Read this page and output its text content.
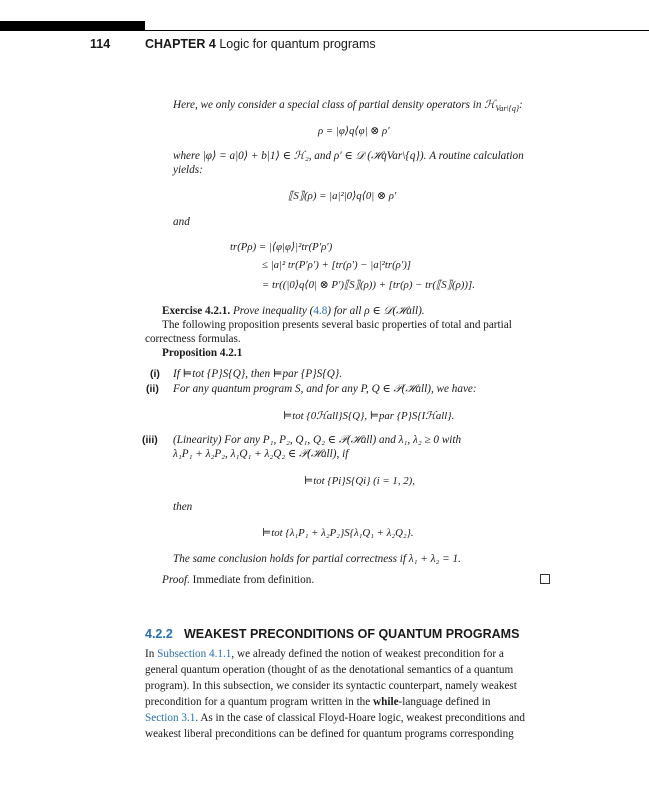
114	CHAPTER 4 Logic for quantum programs
Here, we only consider a special class of partial density operators in ℋ$_{Var\backslash\{q\}}$:
ρ = |φ⟩q⟨φ| ⊗ ρ′
where |φ⟩ = a|0⟩ + b|1⟩ ∈ ℋ₂, and ρ′ ∈ 𝒟 (ℋqVar\{q}). A routine calculation
yields:
⟦S⟧(ρ) = |a|²|0⟩q⟨0| ⊗ ρ′
and
tr(Pρ) = |⟨φ|φ⟩|²tr(P′ρ′)
≤ |a|² tr(P′ρ′) + [tr(ρ′) − |a|²tr(ρ′)]
= tr((|0⟩q⟨0| ⊗ P′)⟦S⟧(ρ)) + [tr(ρ) − tr(⟦S⟧(ρ))].
Exercise 4.2.1. Prove inequality (4.8) for all ρ ∈ 𝒟(ℋall).
The following proposition presents several basic properties of total and partial
correctness formulas.
Proposition 4.2.1
(i) If ⊨tot {P}S{Q}, then ⊨par {P}S{Q}.
(ii) For any quantum program S, and for any P, Q ∈ 𝒫(ℋall), we have:
⊨tot {0ℋall}S{Q}, ⊨par {P}S{Iℋall}.
(iii) (Linearity) For any P₁, P₂, Q₁, Q₂ ∈ 𝒫(ℋall) and λ₁, λ₂ ≥ 0 with
λ₁P₁ + λ₂P₂, λ₁Q₁ + λ₂Q₂ ∈ 𝒫(ℋall), if
⊨tot {Pi}S{Qi} (i = 1, 2),
then
⊨tot {λ₁P₁ + λ₂P₂}S{λ₁Q₁ + λ₂Q₂}.
The same conclusion holds for partial correctness if λ₁ + λ₂ = 1.
Proof. Immediate from definition.
4.2.2 WEAKEST PRECONDITIONS OF QUANTUM PROGRAMS
In Subsection 4.1.1, we already defined the notion of weakest precondition for a
general quantum operation (thought of as the denotational semantics of a quantum
program). In this subsection, we consider its syntactic counterpart, namely weakest
precondition for a quantum program written in the while-language defined in
Section 3.1. As in the case of classical Floyd-Hoare logic, weakest preconditions and
weakest liberal preconditions can be defined for quantum programs corresponding
